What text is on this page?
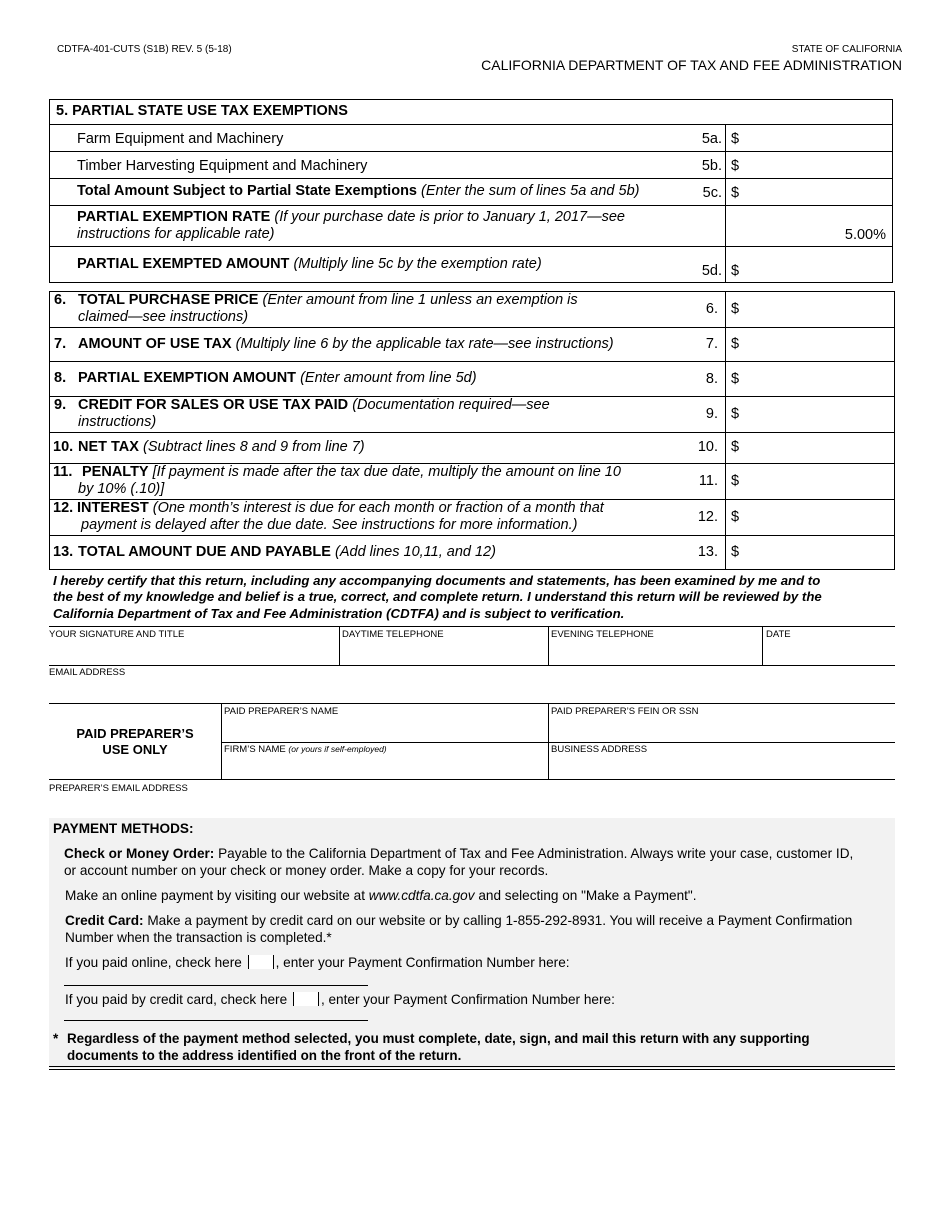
CDTFA-401-CUTS (S1B) REV. 5 (5-18)	STATE OF CALIFORNIA
CALIFORNIA DEPARTMENT OF TAX AND FEE ADMINISTRATION
5. PARTIAL STATE USE TAX EXEMPTIONS
Farm Equipment and Machinery	5a. $
Timber Harvesting Equipment and Machinery	5b. $
Total Amount Subject to Partial State Exemptions (Enter the sum of lines 5a and 5b)	5c. $
PARTIAL EXEMPTION RATE (If your purchase date is prior to January 1, 2017—see
instructions for applicable rate)	5.00%
PARTIAL EXEMPTED AMOUNT (Multiply line 5c by the exemption rate)	5d. $
6. TOTAL PURCHASE PRICE (Enter amount from line 1 unless an exemption is
claimed—see instructions)	6. $
7. AMOUNT OF USE TAX (Multiply line 6 by the applicable tax rate—see instructions)	7. $
8. PARTIAL EXEMPTION AMOUNT (Enter amount from line 5d)	8. $
9. CREDIT FOR SALES OR USE TAX PAID (Documentation required—see
instructions)	9. $
10. NET TAX (Subtract lines 8 and 9 from line 7)	10. $
11. PENALTY [If payment is made after the tax due date, multiply the amount on line 10
by 10% (.10)]	11. $
12. INTEREST (One month’s interest is due for each month or fraction of a month that
payment is delayed after the due date. See instructions for more information.)	12. $
13. TOTAL AMOUNT DUE AND PAYABLE (Add lines 10,11, and 12)	13. $
I hereby certify that this return, including any accompanying documents and statements, has been examined by me and to
the best of my knowledge and belief is a true, correct, and complete return. I understand this return will be reviewed by the
California Department of Tax and Fee Administration (CDTFA) and is subject to verification.
YOUR SIGNATURE AND TITLE	DAYTIME TELEPHONE	EVENING TELEPHONE	DATE
EMAIL ADDRESS
PAID PREPARER’S
USE ONLY
PAID PREPARER’S NAME	PAID PREPARER’S FEIN OR SSN
FIRM’S NAME (or yours if self-employed)	BUSINESS ADDRESS
PREPARER’S EMAIL ADDRESS
PAYMENT METHODS:
Check or Money Order: Payable to the California Department of Tax and Fee Administration. Always write your case, customer ID,
or account number on your check or money order. Make a copy for your records.
Make an online payment by visiting our website at www.cdtfa.ca.gov and selecting on "Make a Payment".
Credit Card: Make a payment by credit card on our website or by calling 1-855-292-8931. You will receive a Payment Confirmation
Number when the transaction is completed.*
If you paid online, check here , enter your Payment Confirmation Number here:
If you paid by credit card, check here , enter your Payment Confirmation Number here:
* Regardless of the payment method selected, you must complete, date, sign, and mail this return with any supporting
documents to the address identified on the front of the return.
